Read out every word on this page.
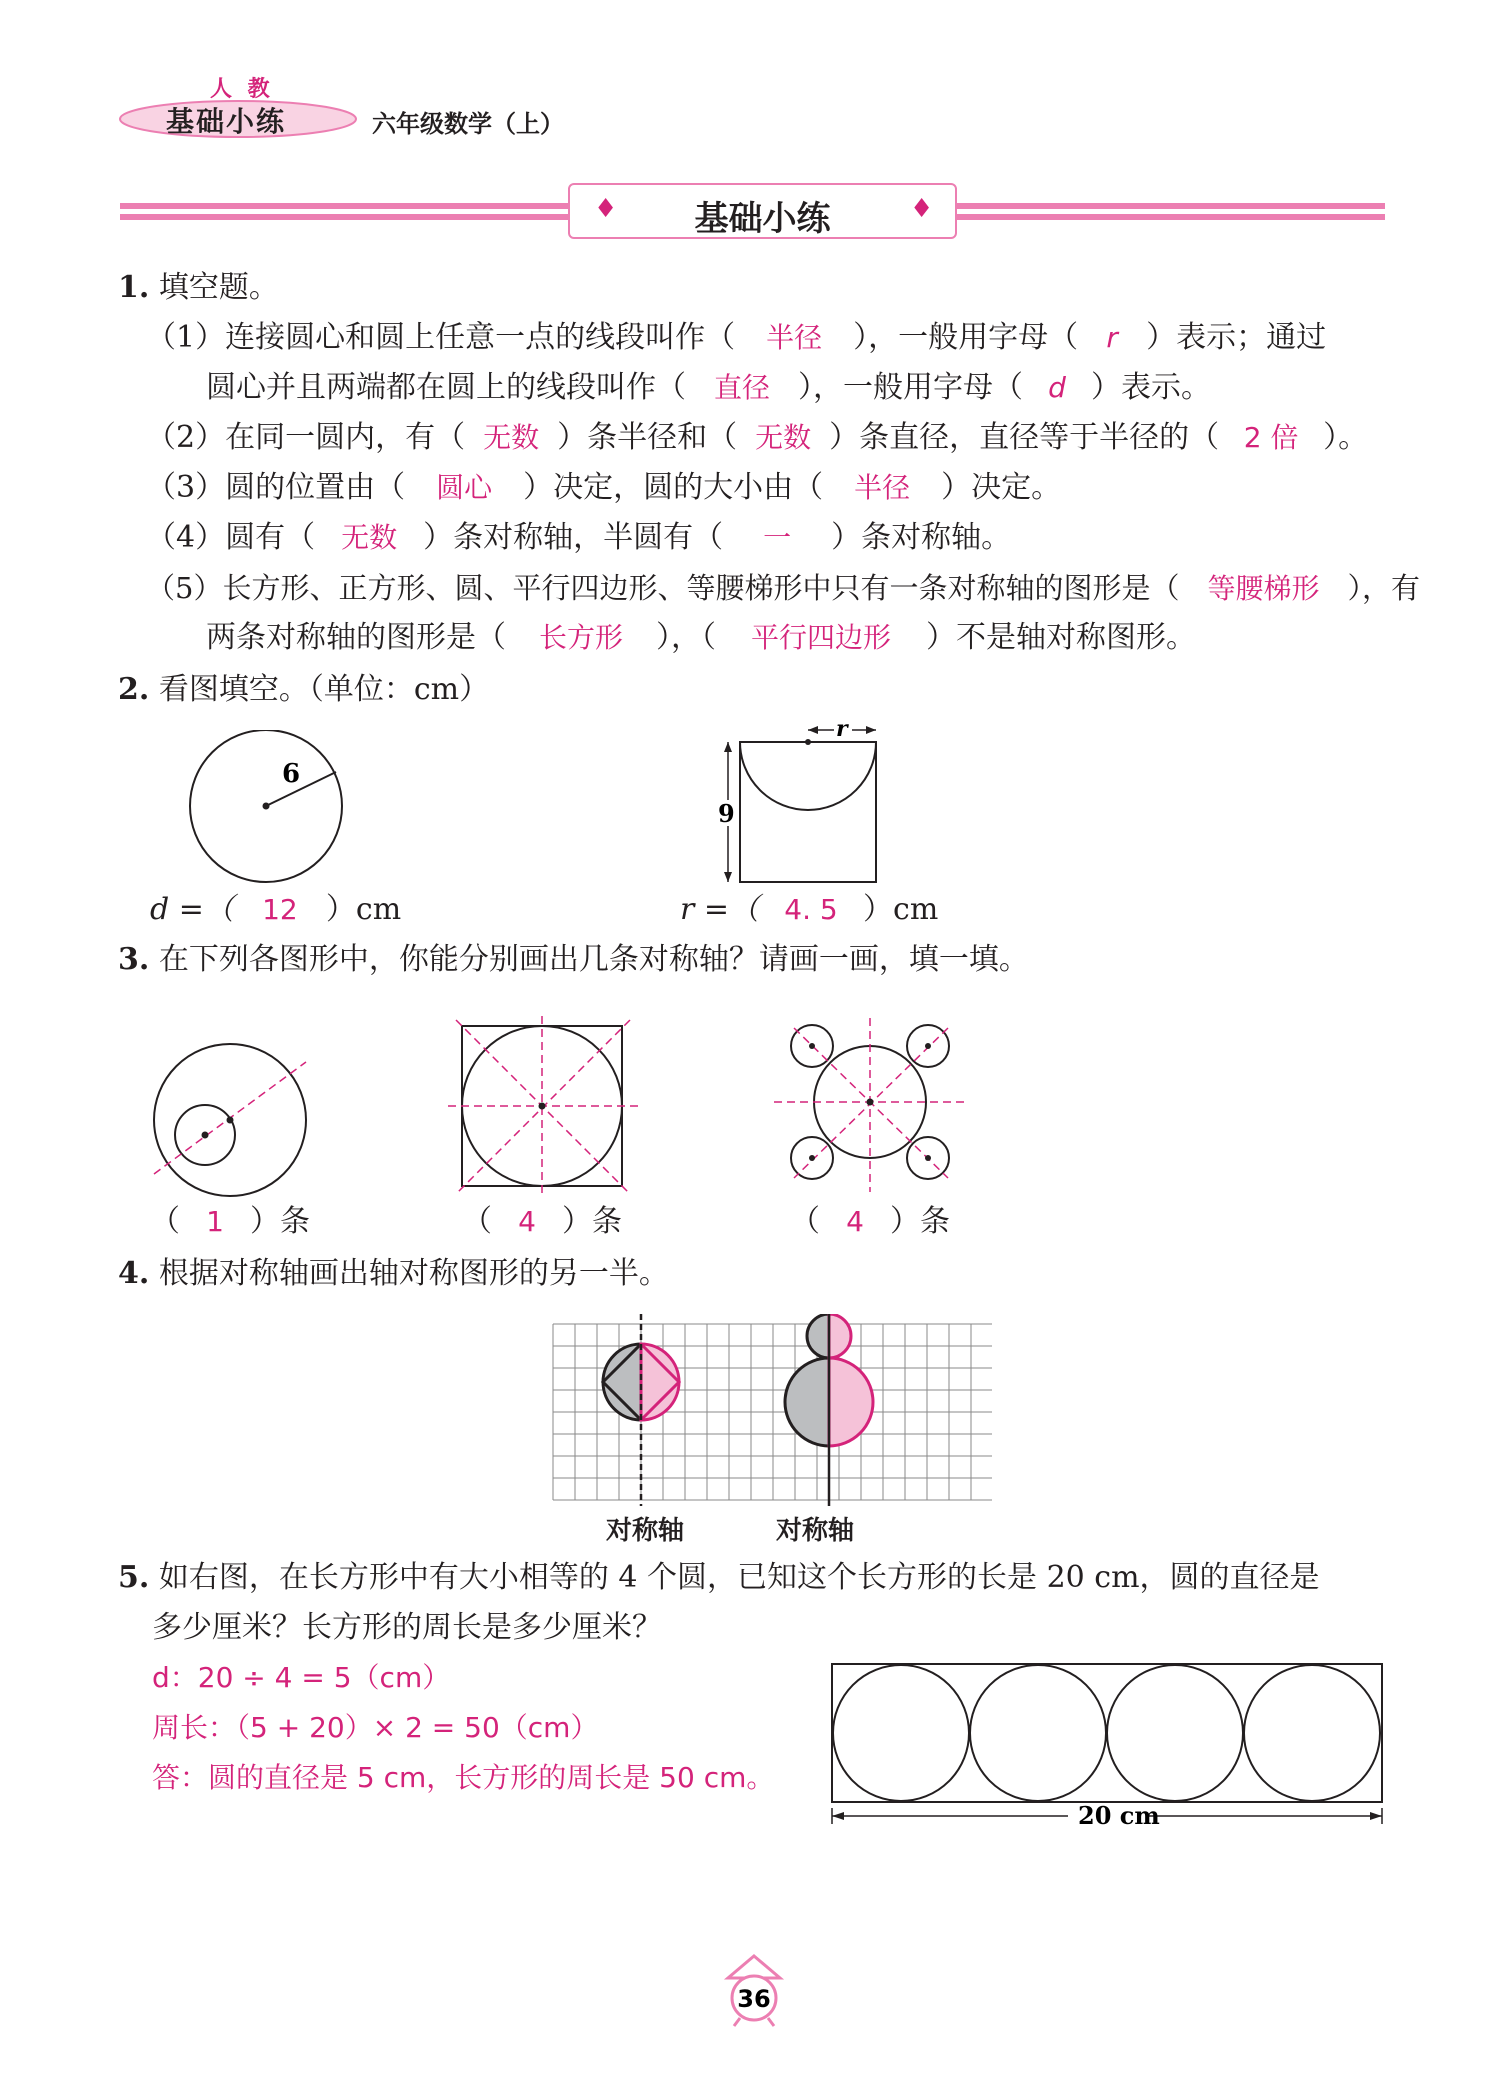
人 教
基础小练	六年级数学（上）
♦	基础小练	♦
1. 填空题。
（1）连接圆心和圆上任意一点的线段叫作（ 半径 ），一般用字母（ r ）表示；通过
圆心并且两端都在圆上的线段叫作（ 直径 ），一般用字母（ d ）表示。
（2）在同一圆内，有（ 无数 ）条半径和（ 无数 ）条直径，直径等于半径的（ 2 倍 ）。
（3）圆的位置由（ 圆心 ）决定，圆的大小由（ 半径 ）决定。
（4）圆有（ 无数 ）条对称轴，半圆有（ 一 ）条对称轴。
（5）长方形、正方形、圆、平行四边形、等腰梯形中只有一条对称轴的图形是（ 等腰梯形 ），有
两条对称轴的图形是（ 长方形 ），（ 平行四边形 ）不是轴对称图形。
2. 看图填空。（单位：cm）
6
r
9
d =（ 12 ）cm	r =（ 4. 5 ）cm
3. 在下列各图形中，你能分别画出几条对称轴？请画一画，填一填。
（ 1 ）条	（ 4 ）条	（ 4 ）条
4. 根据对称轴画出轴对称图形的另一半。
对称轴	对称轴
5. 如右图，在长方形中有大小相等的 4 个圆，已知这个长方形的长是 20 cm，圆的直径是
多少厘米？长方形的周长是多少厘米？
d：20 ÷ 4 = 5（cm）
周长：（5 + 20）× 2 = 50（cm）
答：圆的直径是 5 cm，长方形的周长是 50 cm。
20 cm
36
